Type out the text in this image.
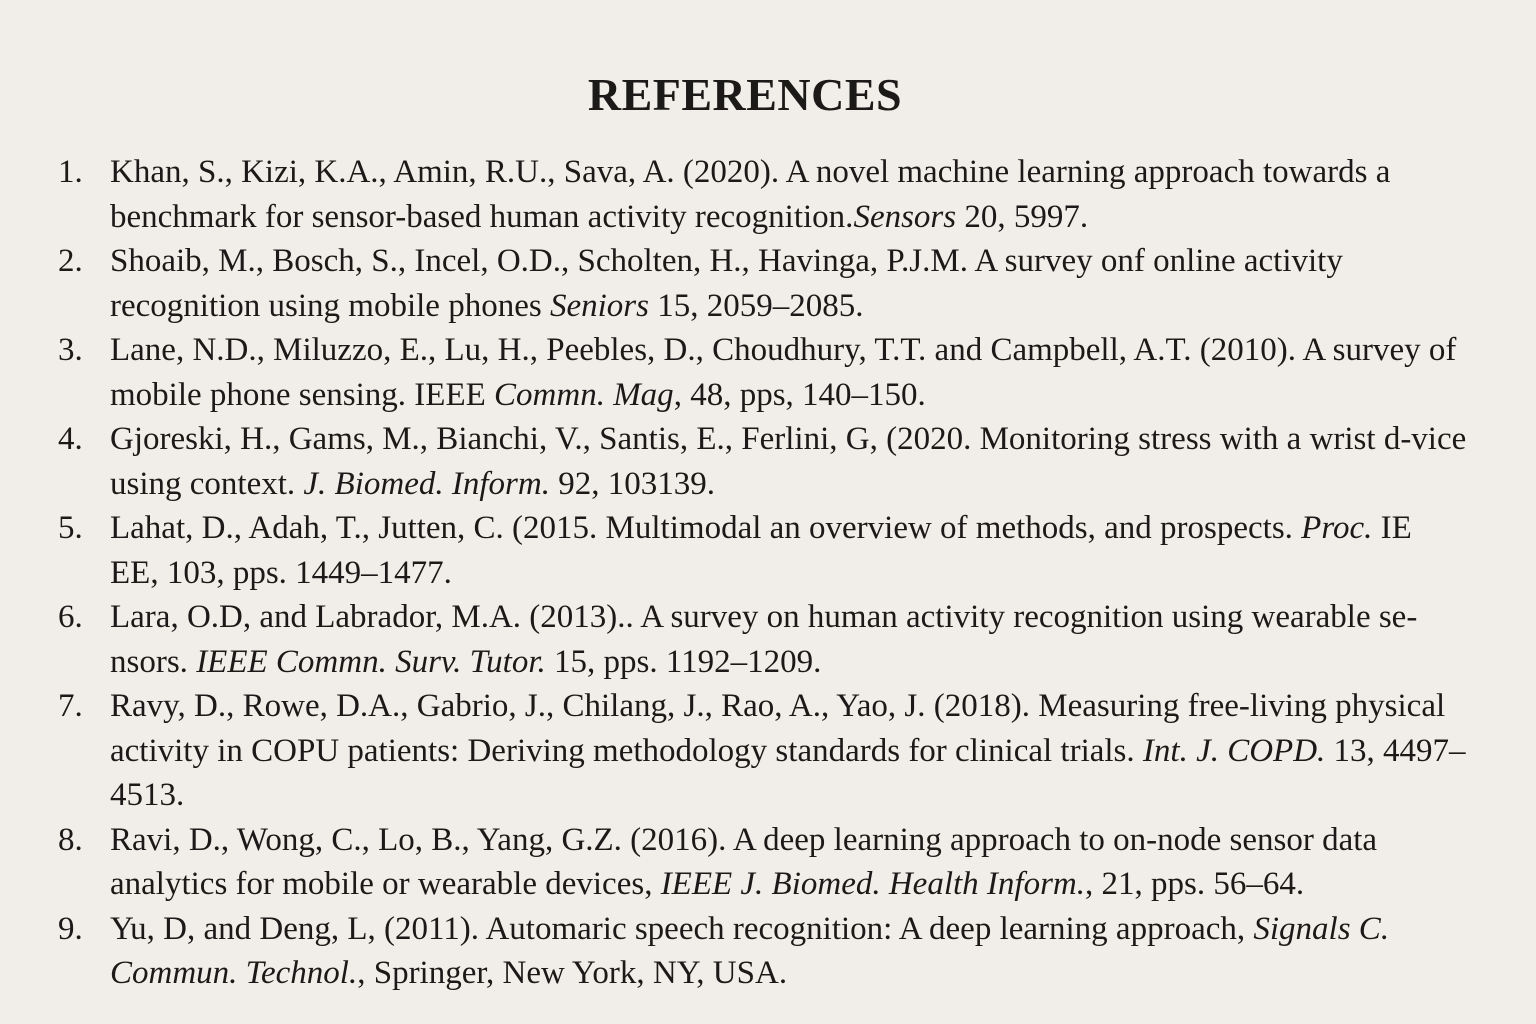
REFERENCES
1. Khan, S., Kizi, K.A., Amin, R.U., Sava, A. (2020). A novel machine learning approach towards a benchmark for sensor-based human activity recognition.Sensors 20, 5997.
2. Shoaib, M., Bosch, S., Incel, O.D., Scholten, H., Havinga, P.J.M. A survey onf online activity recognition using mobile phones Seniors 15, 2059–2085.
3. Lane, N.D., Miluzzo, E., Lu, H., Peebles, D., Choudhury, T.T. and Campbell, A.T. (2010). A survey of mobile phone sensing. IEEE Commn. Mag, 48, pps, 140–150.
4. Gjoreski, H., Gams, M., Bianchi, V., Santis, E., Ferlini, G, (2020. Monitoring stress with a wrist d-vice using context. J. Biomed. Inform. 92, 103139.
5. Lahat, D., Adah, T., Jutten, C. (2015. Multimodal an overview of methods, and prospects. Proc. IE EE, 103, pps. 1449–1477.
6. Lara, O.D, and Labrador, M.A. (2013).. A survey on human activity recognition using wearable se-nsors. IEEE Commn. Surv. Tutor. 15, pps. 1192–1209.
7. Ravy, D., Rowe, D.A., Gabrio, J., Chilang, J., Rao, A., Yao, J. (2018). Measuring free-living physical activity in COPU patients: Deriving methodology standards for clinical trials. Int. J. COPD. 13, 4497–4513.
8. Ravi, D., Wong, C., Lo, B., Yang, G.Z. (2016). A deep learning approach to on-node sensor data analytics for mobile or wearable devices, IEEE J. Biomed. Health Inform., 21, pps. 56–64.
9. Yu, D, and Deng, L, (2011). Automaric speech recognition: A deep learning approach, Signals C. Commun. Technol., Springer, New York, NY, USA.
